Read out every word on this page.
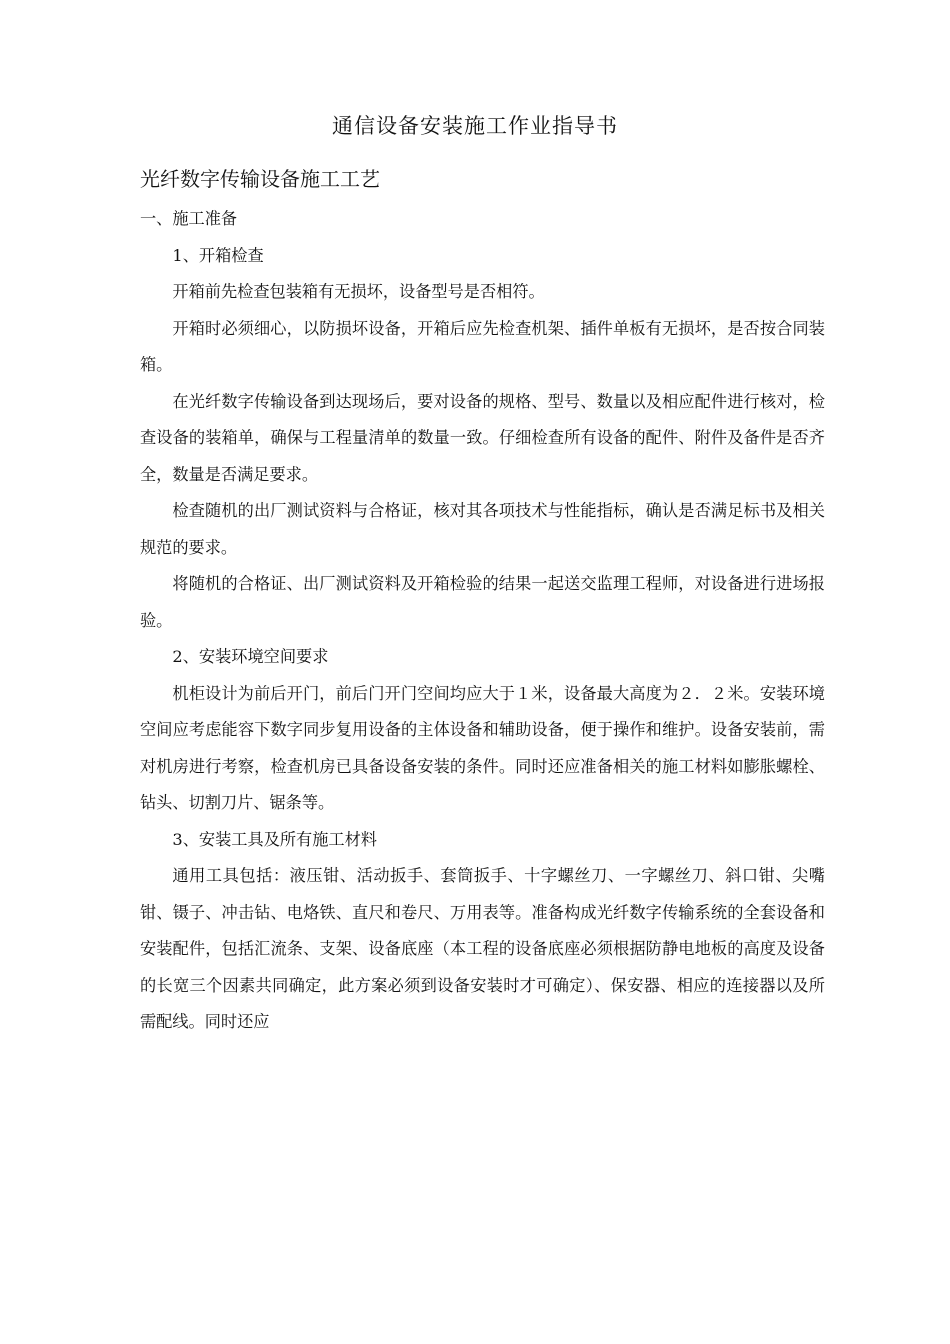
通信设备安装施工作业指导书
光纤数字传输设备施工工艺

一、施工准备

1、开箱检查

开箱前先检查包装箱有无损坏，设备型号是否相符。

开箱时必须细心，以防损坏设备，开箱后应先检查机架、插件单板有无损坏，是否按合同装箱。

在光纤数字传输设备到达现场后，要对设备的规格、型号、数量以及相应配件进行核对，检查设备的装箱单，确保与工程量清单的数量一致。仔细检查所有设备的配件、附件及备件是否齐全，数量是否满足要求。

检查随机的出厂测试资料与合格证，核对其各项技术与性能指标，确认是否满足标书及相关规范的要求。

将随机的合格证、出厂测试资料及开箱检验的结果一起送交监理工程师，对设备进行进场报验。

2、安装环境空间要求

机柜设计为前后开门，前后门开门空间均应大于１米，设备最大高度为２．２米。安装环境空间应考虑能容下数字同步复用设备的主体设备和辅助设备，便于操作和维护。设备安装前，需对机房进行考察，检查机房已具备设备安装的条件。同时还应准备相关的施工材料如膨胀螺栓、钻头、切割刀片、锯条等。

3、安装工具及所有施工材料

通用工具包括：液压钳、活动扳手、套筒扳手、十字螺丝刀、一字螺丝刀、斜口钳、尖嘴钳、镊子、冲击钻、电烙铁、直尺和卷尺、万用表等。准备构成光纤数字传输系统的全套设备和安装配件，包括汇流条、支架、设备底座（本工程的设备底座必须根据防静电地板的高度及设备的长宽三个因素共同确定，此方案必须到设备安装时才可确定）、保安器、相应的连接器以及所需配线。同时还应
